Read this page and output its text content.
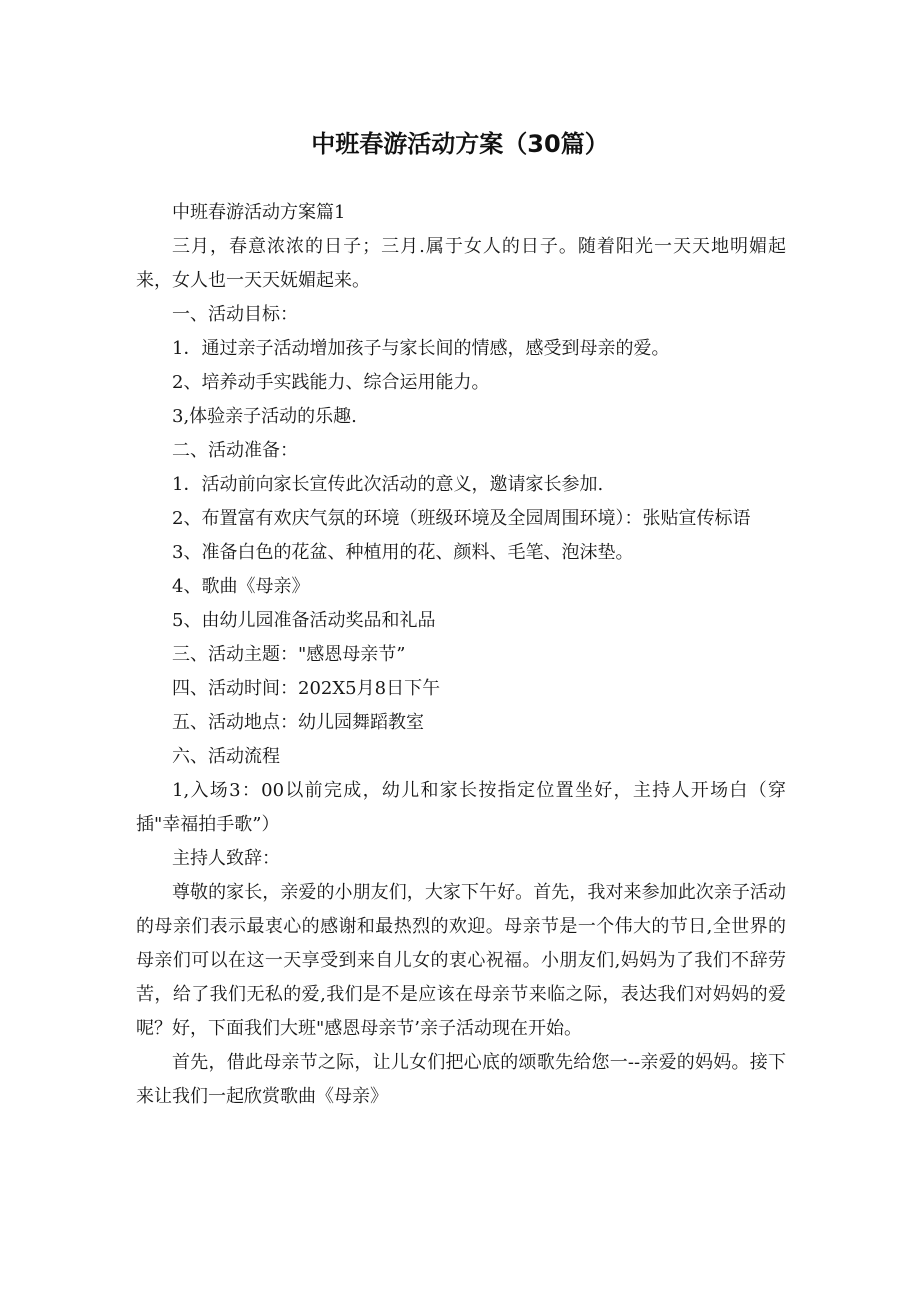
中班春游活动方案（30篇）

中班春游活动方案篇1

三月，春意浓浓的日子；三月.属于女人的日子。随着阳光一天天地明媚起来，女人也一天天妩媚起来。

一、活动目标：

1．通过亲子活动增加孩子与家长间的情感，感受到母亲的爱。

2、培养动手实践能力、综合运用能力。

3,体验亲子活动的乐趣.

二、活动准备：

1．活动前向家长宣传此次活动的意义，邀请家长参加.

2、布置富有欢庆气氛的环境（班级环境及全园周围环境）：张贴宣传标语

3、准备白色的花盆、种植用的花、颜料、毛笔、泡沫垫。

4、歌曲《母亲》

5、由幼儿园准备活动奖品和礼品

三、活动主题："感恩母亲节”

四、活动时间：202X5月8日下午

五、活动地点：幼儿园舞蹈教室

六、活动流程

1,入场3：00以前完成，幼儿和家长按指定位置坐好，主持人开场白（穿插"幸福拍手歌”）

主持人致辞：

尊敬的家长，亲爱的小朋友们，大家下午好。首先，我对来参加此次亲子活动的母亲们表示最衷心的感谢和最热烈的欢迎。母亲节是一个伟大的节日,全世界的母亲们可以在这一天享受到来自儿女的衷心祝福。小朋友们,妈妈为了我们不辞劳苦，给了我们无私的爱,我们是不是应该在母亲节来临之际，表达我们对妈妈的爱呢？好，下面我们大班"感恩母亲节’亲子活动现在开始。

首先，借此母亲节之际，让儿女们把心底的颂歌先给您一--亲爱的妈妈。接下来让我们一起欣赏歌曲《母亲》
